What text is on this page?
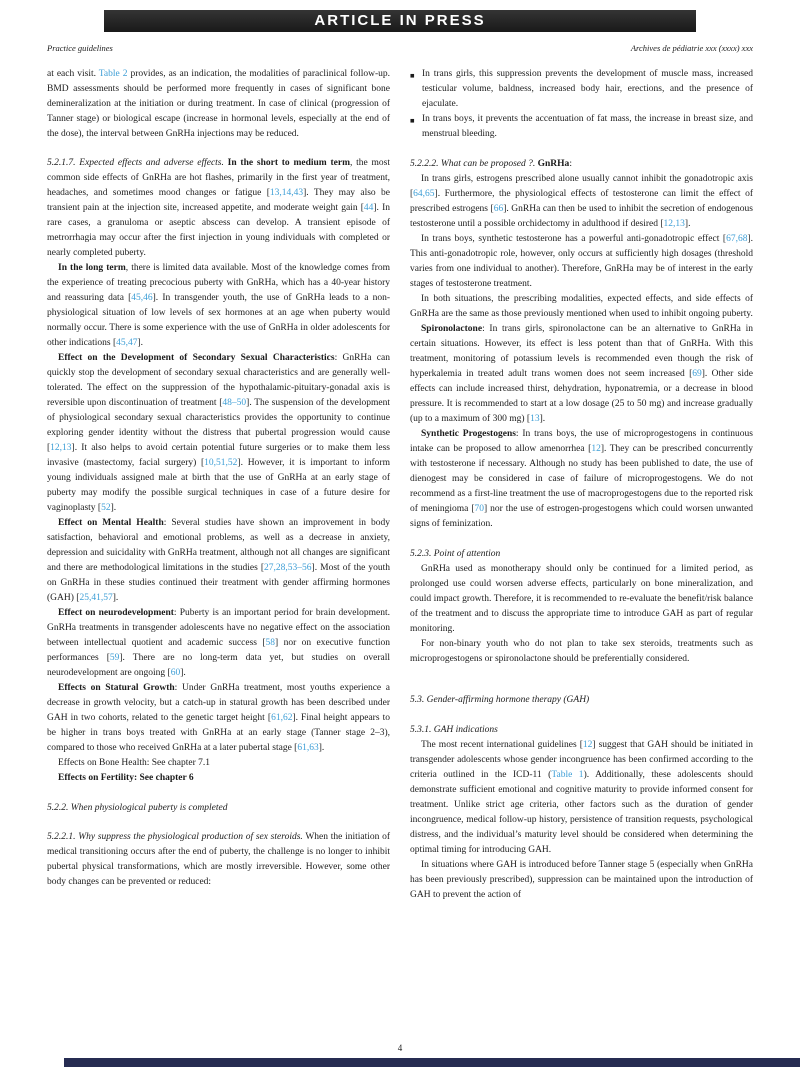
ARTICLE IN PRESS
Practice guidelines	Archives de pédiatrie xxx (xxxx) xxx

at each visit. Table 2 provides, as an indication, the modalities of paraclinical follow-up. BMD assessments should be performed more frequently in cases of significant bone demineralization at the initiation or during treatment. In case of clinical (progression of Tanner stage) or biological escape (increase in hormonal levels, especially at the end of the dose), the interval between GnRHa injections may be reduced.

5.2.1.7. Expected effects and adverse effects. In the short to medium term, the most common side effects of GnRHa are hot flashes, primarily in the first year of treatment, headaches, and sometimes mood changes or fatigue [13,14,43]. They may also be transient pain at the injection site, increased appetite, and moderate weight gain [44]. In rare cases, a granuloma or aseptic abscess can develop. A transient episode of metrorrhagia may occur after the first injection in young individuals with completed or nearly completed puberty.

In the long term, there is limited data available. Most of the knowledge comes from the experience of treating precocious puberty with GnRHa, which has a 40-year history and reassuring data [45,46]. In transgender youth, the use of GnRHa leads to a non-physiological situation of low levels of sex hormones at an age when puberty would normally occur. There is some experience with the use of GnRHa in older adolescents for other indications [45,47].

Effect on the Development of Secondary Sexual Characteristics: GnRHa can quickly stop the development of secondary sexual characteristics and are generally well-tolerated. The effect on the suppression of the hypothalamic-pituitary-gonadal axis is reversible upon discontinuation of treatment [48–50]. The suspension of the development of physiological secondary sexual characteristics provides the opportunity to continue exploring gender identity without the distress that pubertal progression would cause [12,13]. It also helps to avoid certain potential future surgeries or to make them less invasive (mastectomy, facial surgery) [10,51,52]. However, it is important to inform young individuals assigned male at birth that the use of GnRHa at an early stage of puberty may modify the possible surgical techniques in case of a future desire for vaginoplasty [52].

Effect on Mental Health: Several studies have shown an improvement in body satisfaction, behavioral and emotional problems, as well as a decrease in anxiety, depression and suicidality with GnRHa treatment, although not all changes are significant and there are methodological limitations in the studies [27,28,53–56]. Most of the youth on GnRHa in these studies continued their treatment with gender affirming hormones (GAH) [25,41,57].

Effect on neurodevelopment: Puberty is an important period for brain development. GnRHa treatments in transgender adolescents have no negative effect on the association between intellectual quotient and academic success [58] nor on executive function performances [59]. There are no long-term data yet, but studies on overall neurodevelopment are ongoing [60].

Effects on Statural Growth: Under GnRHa treatment, most youths experience a decrease in growth velocity, but a catch-up in statural growth has been described under GAH in two cohorts, related to the genetic target height [61,62]. Final height appears to be higher in trans boys treated with GnRHa at an early stage (Tanner stage 2–3), compared to those who received GnRHa at a later pubertal stage [61,63].

Effects on Bone Health: See chapter 7.1

Effects on Fertility: See chapter 6

5.2.2. When physiological puberty is completed

5.2.2.1. Why suppress the physiological production of sex steroids. When the initiation of medical transitioning occurs after the end of puberty, the challenge is no longer to inhibit pubertal physical transformations, which are mostly irreversible. However, some other body changes can be prevented or reduced:

■ In trans girls, this suppression prevents the development of muscle mass, increased testicular volume, baldness, increased body hair, erections, and the presence of ejaculate.
■ In trans boys, it prevents the accentuation of fat mass, the increase in breast size, and menstrual bleeding.

5.2.2.2. What can be proposed ?. GnRHa:

In trans girls, estrogens prescribed alone usually cannot inhibit the gonadotropic axis [64,65]. Furthermore, the physiological effects of testosterone can limit the effect of prescribed estrogens [66]. GnRHa can then be used to inhibit the secretion of endogenous testosterone until a possible orchidectomy in adulthood if desired [12,13].

In trans boys, synthetic testosterone has a powerful anti-gonadotropic effect [67,68]. This anti-gonadotropic role, however, only occurs at sufficiently high dosages (threshold varies from one individual to another). Therefore, GnRHa may be of interest in the early stages of testosterone treatment.

In both situations, the prescribing modalities, expected effects, and side effects of GnRHa are the same as those previously mentioned when used to inhibit ongoing puberty.

Spironolactone: In trans girls, spironolactone can be an alternative to GnRHa in certain situations. However, its effect is less potent than that of GnRHa. With this treatment, monitoring of potassium levels is recommended even though the risk of hyperkalemia in treated adult trans women does not seem increased [69]. Other side effects can include increased thirst, dehydration, hyponatremia, or a decrease in blood pressure. It is recommended to start at a low dosage (25 to 50 mg) and increase gradually (up to a maximum of 300 mg) [13].

Synthetic Progestogens: In trans boys, the use of microprogestogens in continuous intake can be proposed to allow amenorrhea [12]. They can be prescribed concurrently with testosterone if necessary. Although no study has been published to date, the use of dienogest may be considered in case of failure of microprogestogens. We do not recommend as a first-line treatment the use of macroprogestogens due to the reported risk of meningioma [70] nor the use of estrogen-progestogens which could worsen unwanted signs of feminization.

5.2.3. Point of attention

GnRHa used as monotherapy should only be continued for a limited period, as prolonged use could worsen adverse effects, particularly on bone mineralization, and could impact growth. Therefore, it is recommended to re-evaluate the benefit/risk balance of the treatment and to discuss the appropriate time to introduce GAH as part of regular monitoring.

For non-binary youth who do not plan to take sex steroids, treatments such as microprogestogens or spironolactone should be preferentially considered.

5.3. Gender-affirming hormone therapy (GAH)

5.3.1. GAH indications

The most recent international guidelines [12] suggest that GAH should be initiated in transgender adolescents whose gender incongruence has been confirmed according to the criteria outlined in the ICD-11 (Table 1). Additionally, these adolescents should demonstrate sufficient emotional and cognitive maturity to provide informed consent for treatment. Unlike strict age criteria, other factors such as the duration of gender incongruence, medical follow-up history, persistence of transition requests, psychological distress, and the individual’s maturity level should be considered when determining the optimal timing for introducing GAH.

In situations where GAH is introduced before Tanner stage 5 (especially when GnRHa has been previously prescribed), suppression can be maintained upon the introduction of GAH to prevent the action of

4
